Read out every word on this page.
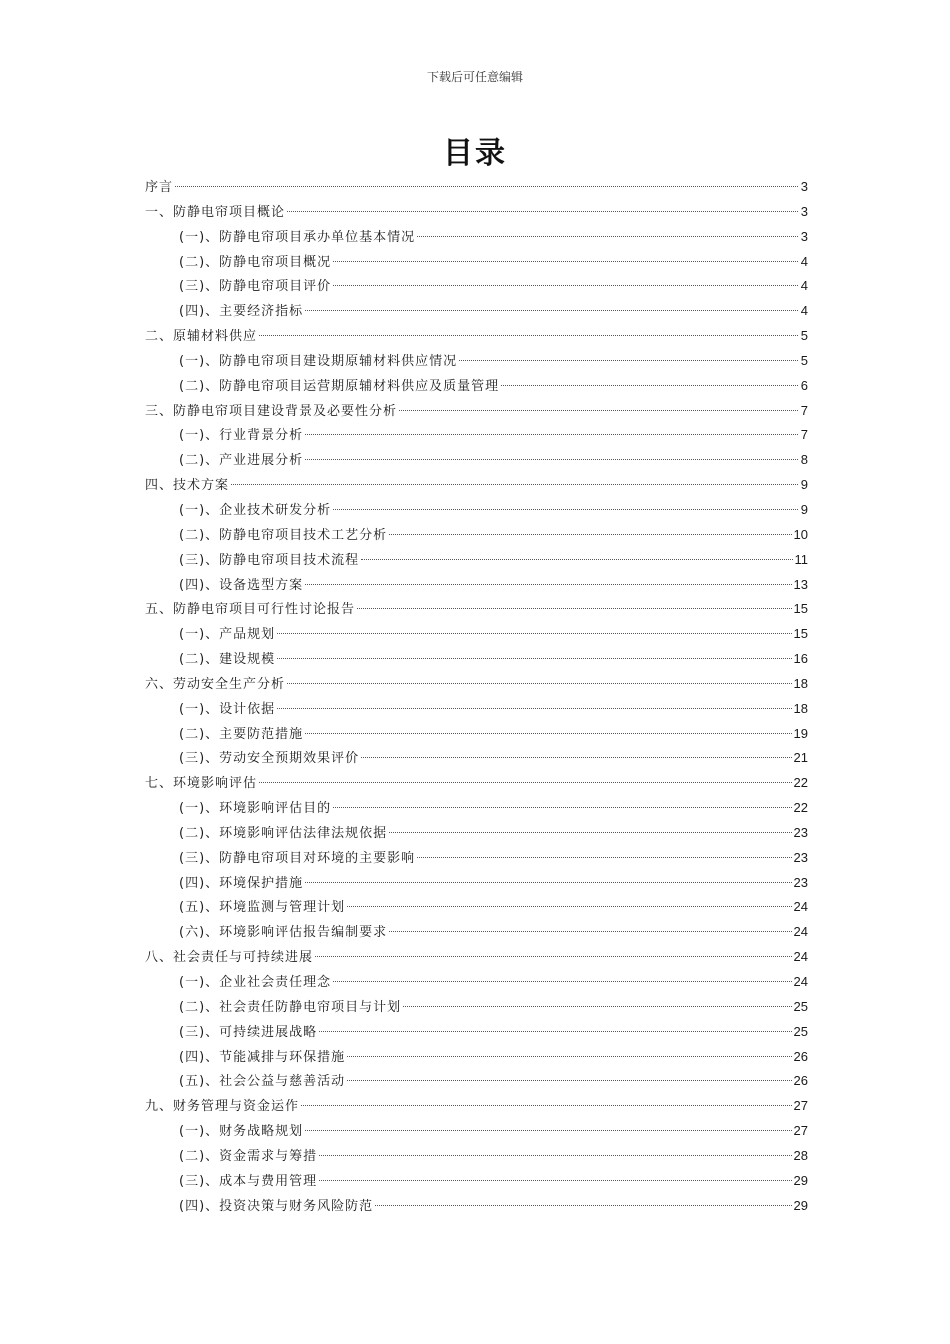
下载后可任意编辑
目录
序言	3
一、防静电帘项目概论	3
(一)、防静电帘项目承办单位基本情况	3
(二)、防静电帘项目概况	4
(三)、防静电帘项目评价	4
(四)、主要经济指标	4
二、原辅材料供应	5
(一)、防静电帘项目建设期原辅材料供应情况	5
(二)、防静电帘项目运营期原辅材料供应及质量管理	6
三、防静电帘项目建设背景及必要性分析	7
(一)、行业背景分析	7
(二)、产业进展分析	8
四、技术方案	9
(一)、企业技术研发分析	9
(二)、防静电帘项目技术工艺分析	10
(三)、防静电帘项目技术流程	11
(四)、设备选型方案	13
五、防静电帘项目可行性讨论报告	15
(一)、产品规划	15
(二)、建设规模	16
六、劳动安全生产分析	18
(一)、设计依据	18
(二)、主要防范措施	19
(三)、劳动安全预期效果评价	21
七、环境影响评估	22
(一)、环境影响评估目的	22
(二)、环境影响评估法律法规依据	23
(三)、防静电帘项目对环境的主要影响	23
(四)、环境保护措施	23
(五)、环境监测与管理计划	24
(六)、环境影响评估报告编制要求	24
八、社会责任与可持续进展	24
(一)、企业社会责任理念	24
(二)、社会责任防静电帘项目与计划	25
(三)、可持续进展战略	25
(四)、节能减排与环保措施	26
(五)、社会公益与慈善活动	26
九、财务管理与资金运作	27
(一)、财务战略规划	27
(二)、资金需求与筹措	28
(三)、成本与费用管理	29
(四)、投资决策与财务风险防范	29
